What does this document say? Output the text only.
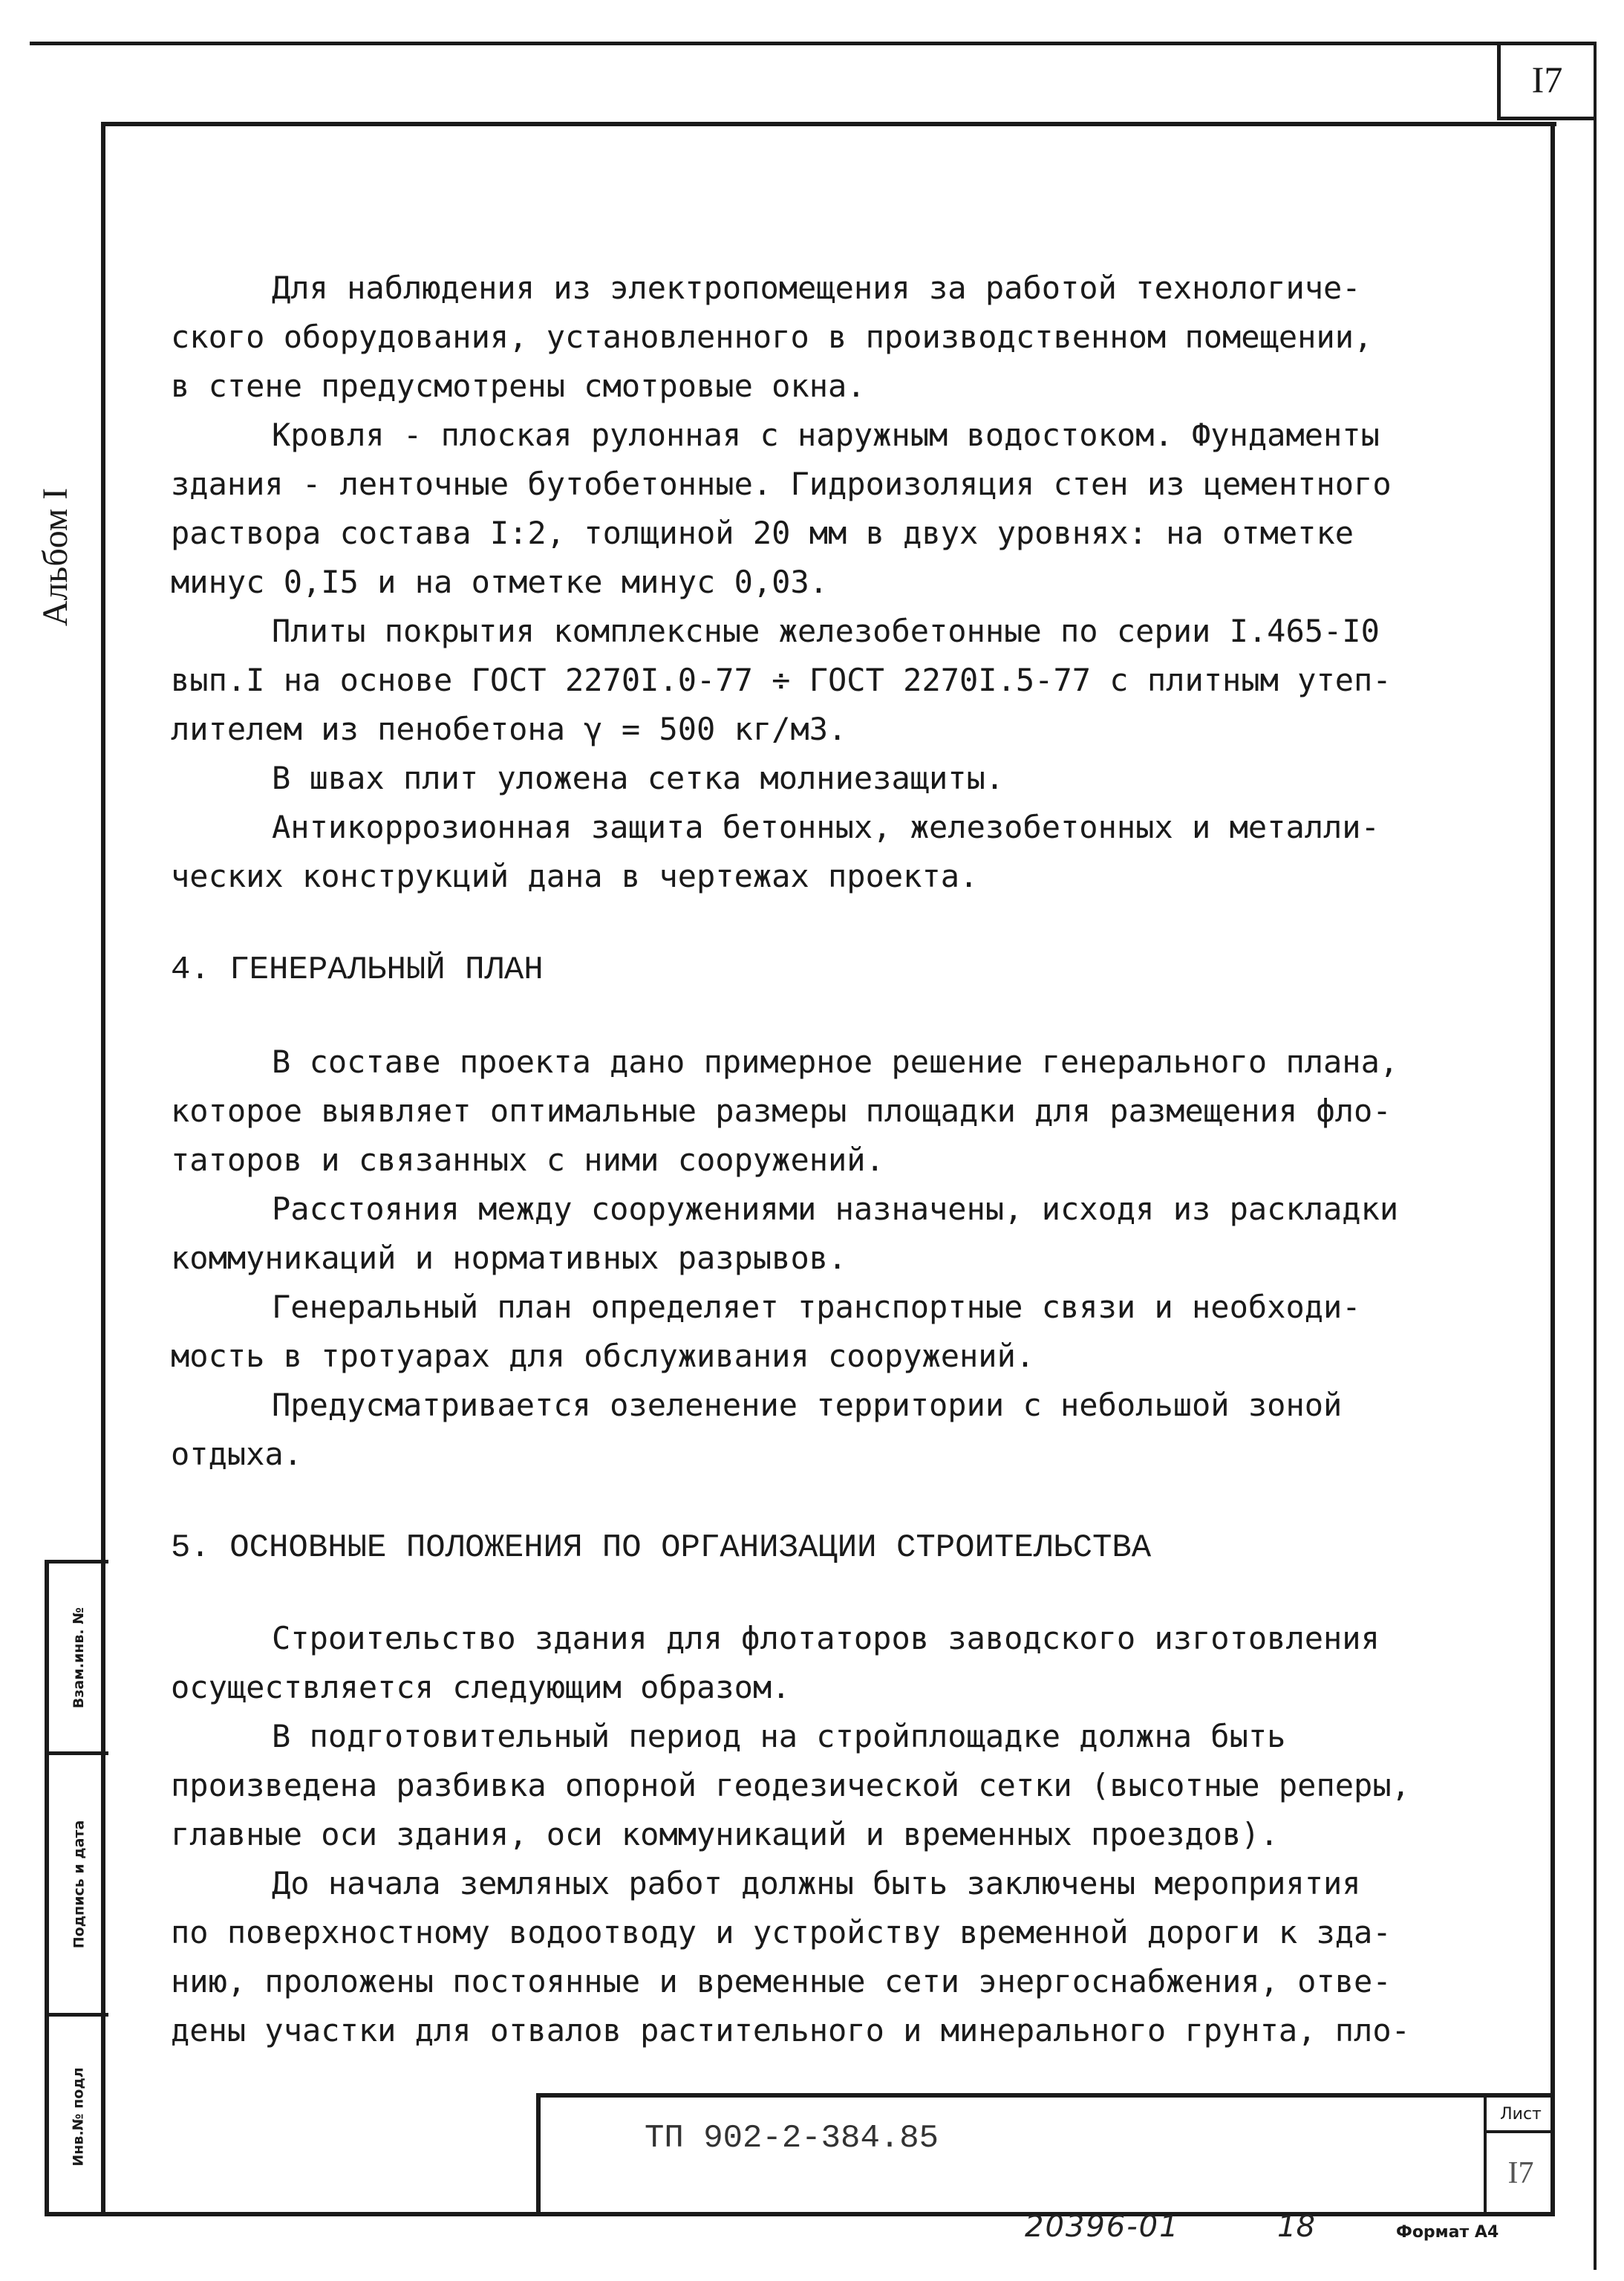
I7
Альбом I
Взам.инв. №
Подпись и дата
Инв.№ подл
Для наблюдения из электропомещения за работой технологиче-
ского оборудования, установленного в производственном помещении,
в стене предусмотрены смотровые окна.
Кровля - плоская рулонная с наружным водостоком. Фундаменты
здания - ленточные бутобетонные. Гидроизоляция стен из цементного
раствора состава I:2, толщиной 20 мм в двух уровнях: на отметке
минус 0,I5 и на отметке минус 0,03.
Плиты покрытия комплексные железобетонные по серии I.465-I0
вып.I на основе ГОСТ 2270I.0-77 ÷ ГОСТ 2270I.5-77 с плитным утеп-
лителем из пенобетона γ = 500 кг/м3.
В швах плит уложена сетка молниезащиты.
Антикоррозионная защита бетонных, железобетонных и металли-
ческих конструкций дана в чертежах проекта.
4. ГЕНЕРАЛЬНЫЙ ПЛАН
В составе проекта дано примерное решение генерального плана,
которое выявляет оптимальные размеры площадки для размещения фло-
таторов и связанных с ними сооружений.
Расстояния между сооружениями назначены, исходя из раскладки
коммуникаций и нормативных разрывов.
Генеральный план определяет транспортные связи и необходи-
мость в тротуарах для обслуживания сооружений.
Предусматривается озеленение территории с небольшой зоной
отдыха.
5. ОСНОВНЫЕ ПОЛОЖЕНИЯ ПО ОРГАНИЗАЦИИ СТРОИТЕЛЬСТВА
Строительство здания для флотаторов заводского изготовления
осуществляется следующим образом.
В подготовительный период на стройплощадке должна быть
произведена разбивка опорной геодезической сетки (высотные реперы,
главные оси здания, оси коммуникаций и временных проездов).
До начала земляных работ должны быть заключены мероприятия
по поверхностному водоотводу и устройству временной дороги к зда-
нию, проложены постоянные и временные сети энергоснабжения, отве-
дены участки для отвалов растительного и минерального грунта, пло-
ТП 902-2-384.85
Лист
I7
20396-01	18	Формат А4
